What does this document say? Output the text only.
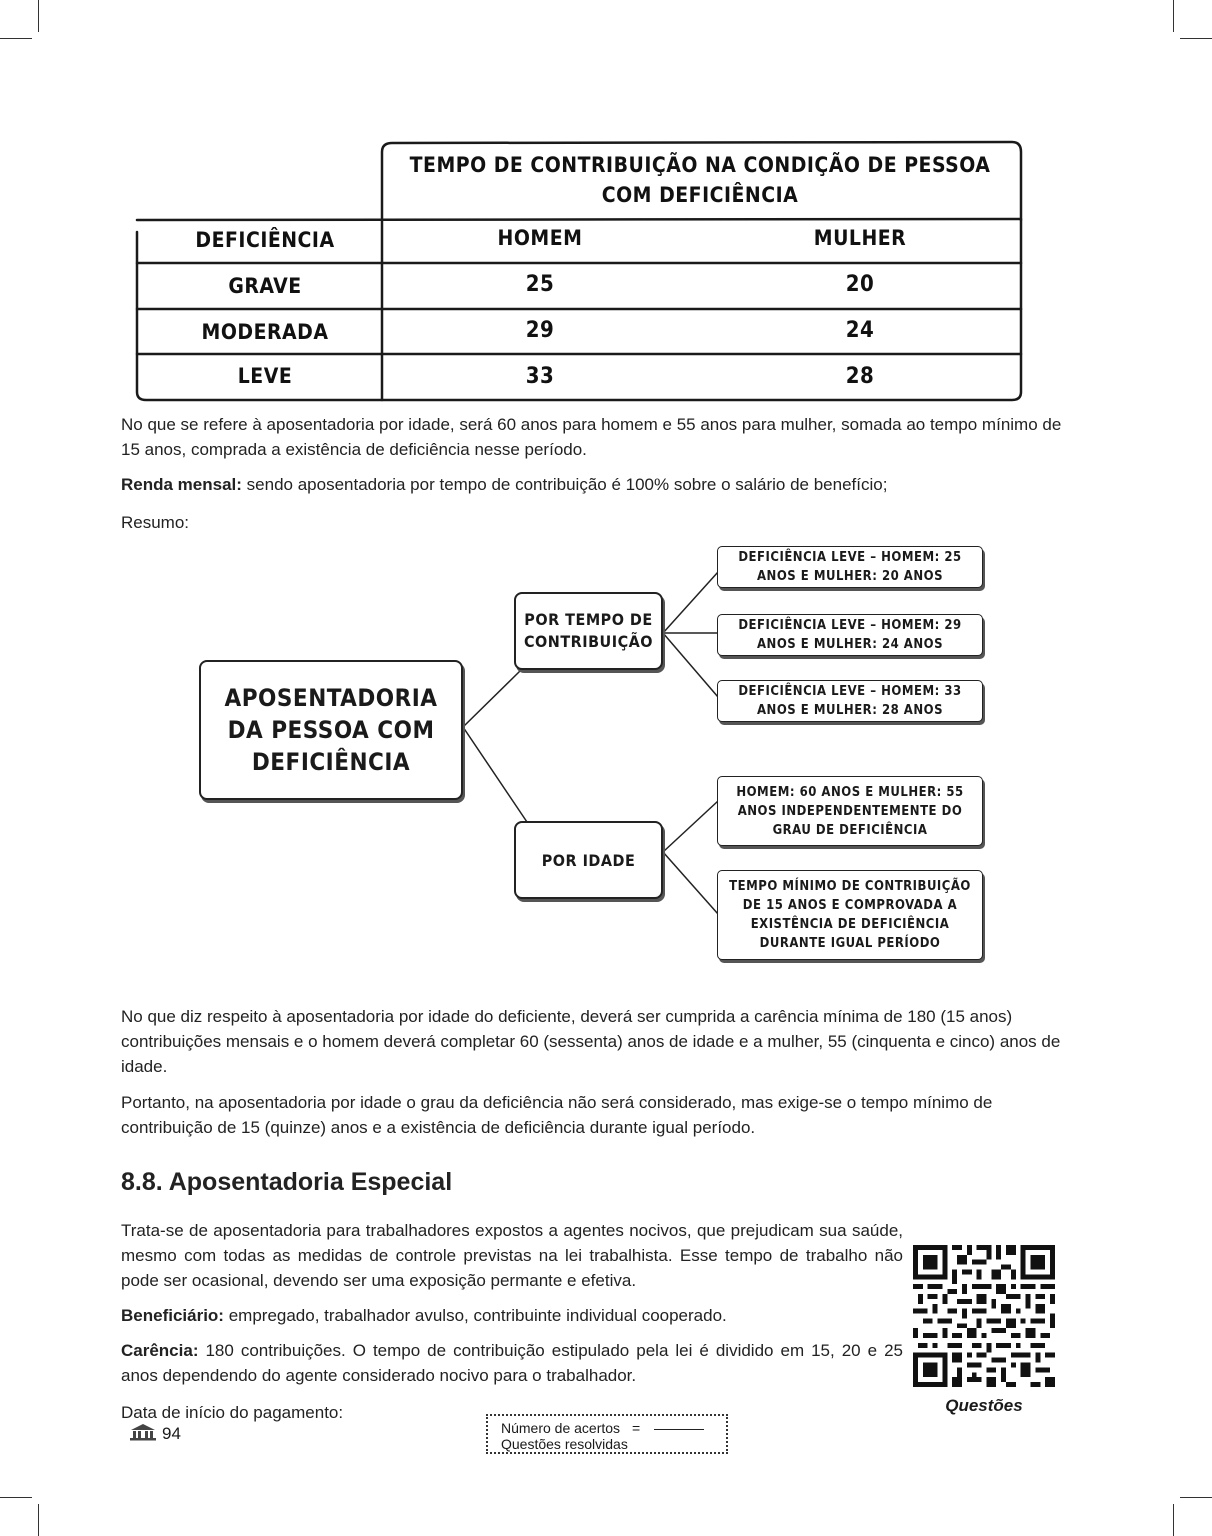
TEMPO DE CONTRIBUIÇÃO NA CONDIÇÃO DE PESSOA
COM DEFICIÊNCIA
DEFICIÊNCIA	HOMEM	MULHER
GRAVE	25	20
MODERADA	29	24
LEVE	33	28
No que se refere à aposentadoria por idade, será 60 anos para homem e 55 anos para mulher, somada ao tempo mínimo de 15 anos, comprada a existência de deficiência nesse período.
Renda mensal: sendo aposentadoria por tempo de contribuição é 100% sobre o salário de benefício;
Resumo:
APOSENTADORIA DA PESSOA COM DEFICIÊNCIA
POR TEMPO DE CONTRIBUIÇÃO
POR IDADE
DEFICIÊNCIA LEVE – HOMEM: 25 ANOS E MULHER: 20 ANOS
DEFICIÊNCIA LEVE – HOMEM: 29 ANOS E MULHER: 24 ANOS
DEFICIÊNCIA LEVE – HOMEM: 33 ANOS E MULHER: 28 ANOS
HOMEM: 60 ANOS E MULHER: 55 ANOS INDEPENDENTEMENTE DO GRAU DE DEFICIÊNCIA
TEMPO MÍNIMO DE CONTRIBUIÇÃO DE 15 ANOS E COMPROVADA A EXISTÊNCIA DE DEFICIÊNCIA DURANTE IGUAL PERÍODO
No que diz respeito à aposentadoria por idade do deficiente, deverá ser cumprida a carência mínima de 180 (15 anos) contribuições mensais e o homem deverá completar 60 (sessenta) anos de idade e a mulher, 55 (cinquenta e cinco) anos de idade.
Portanto, na aposentadoria por idade o grau da deficiência não será considerado, mas exige-se o tempo mínimo de contribuição de 15 (quinze) anos e a existência de deficiência durante igual período.
8.8. Aposentadoria Especial
Trata-se de aposentadoria para trabalhadores expostos a agentes nocivos, que prejudicam sua saúde, mesmo com todas as medidas de controle previstas na lei trabalhista. Esse tempo de trabalho não pode ser ocasional, devendo ser uma exposição permante e efetiva.
Beneficiário: empregado, trabalhador avulso, contribuinte individual cooperado.
Carência: 180 contribuições. O tempo de contribuição estipulado pela lei é dividido em 15, 20 e 25 anos dependendo do agente considerado nocivo para o trabalhador.
Data de início do pagamento:	Questões
94	Número de acertos =
Questões resolvidas
